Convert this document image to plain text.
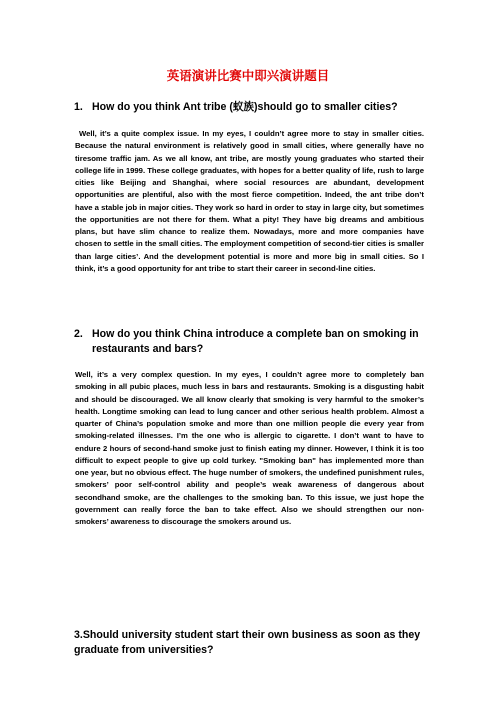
英语演讲比赛中即兴演讲题目
1. How do you think Ant tribe (蚁族)should go to smaller cities?
Well, it’s a quite complex issue. In my eyes, I couldn’t agree more to stay in smaller cities. Because the natural environment is relatively good in small cities, where generally have no tiresome traffic jam. As we all know, ant tribe, are mostly young graduates who started their college life in 1999. These college graduates, with hopes for a better quality of life, rush to large cities like Beijing and Shanghai, where social resources are abundant, development opportunities are plentiful, also with the most fierce competition. Indeed, the ant tribe don’t have a stable job in major cities. They work so hard in order to stay in large city, but sometimes the opportunities are not there for them. What a pity! They have big dreams and ambitious plans, but have slim chance to realize them. Nowadays, more and more companies have chosen to settle in the small cities. The employment competition of second-tier cities is smaller than large cities’. And the development potential is more and more big in small cities. So I think, it’s a good opportunity for ant tribe to start their career in second-line cities.
2. How do you think China introduce a complete ban on smoking in restaurants and bars?
Well, it’s a very complex question. In my eyes, I couldn’t agree more to completely ban smoking in all pubic places, much less in bars and restaurants. Smoking is a disgusting habit and should be discouraged. We all know clearly that smoking is very harmful to the smoker’s health. Longtime smoking can lead to lung cancer and other serious health problem. Almost a quarter of China’s population smoke and more than one million people die every year from smoking-related illnesses. I’m the one who is allergic to cigarette. I don’t want to have to endure 2 hours of second-hand smoke just to finish eating my dinner. However, I think it is too difficult to expect people to give up cold turkey. "Smoking ban" has implemented more than one year, but no obvious effect. The huge number of smokers, the undefined punishment rules, smokers’ poor self-control ability and people’s weak awareness of dangerous about secondhand smoke, are the challenges to the smoking ban. To this issue, we just hope the government can really force the ban to take effect. Also we should strengthen our non-smokers’ awareness to discourage the smokers around us.
3.Should university student start their own business as soon as they graduate from universities?
